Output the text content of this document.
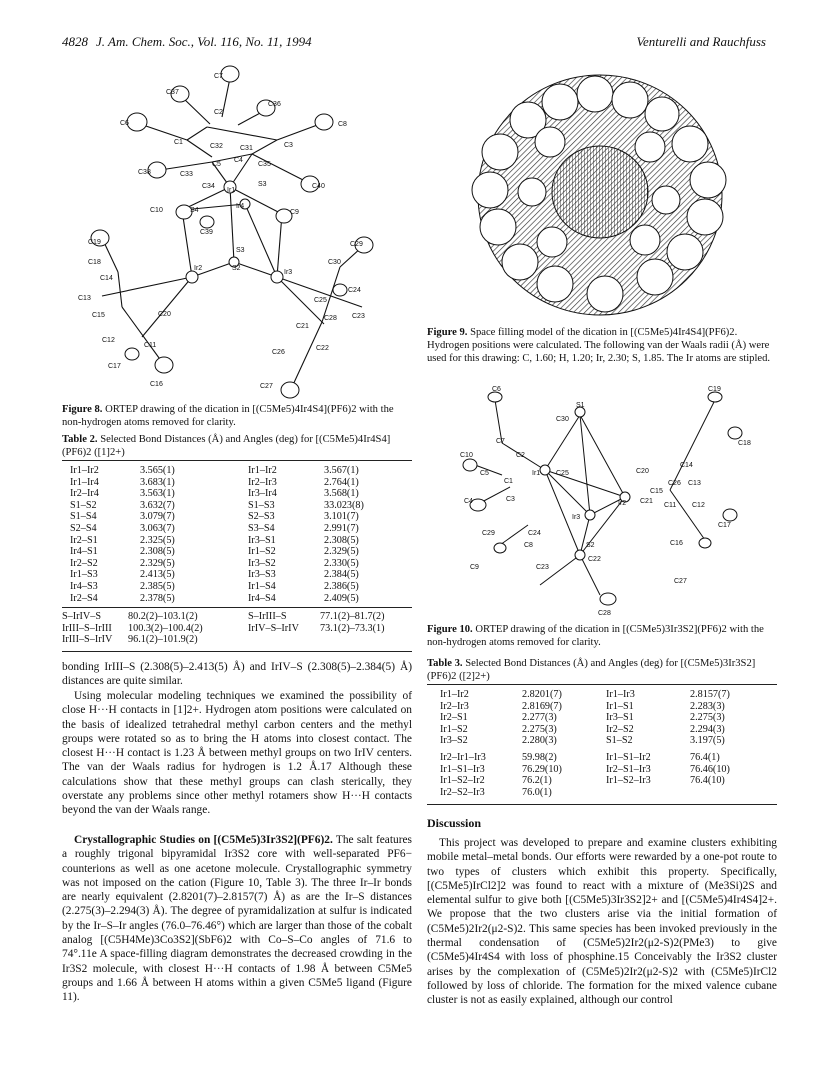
4828 J. Am. Chem. Soc., Vol. 116, No. 11, 1994	Venturelli and Rauchfuss
C7
C37
C36
C6
C2
C8
C1
C32 C31	C3
C4
C38
C5	C35
C33
C34
Ir1
S3	C40
C10	S4
Ir4
C9
C39
S3
C29
C19
C18
Ir2	S2
Ir3
C30
C14
C24
C13	C25
C15	C20
C28 C23
C12
C11
C21
C22
C26
C17
C16	C27
Figure 8. ORTEP drawing of the dication in [(C5Me5)4Ir4S4](PF6)2 with the non-hydrogen atoms removed for clarity.
Table 2. Selected Bond Distances (Å) and Angles (deg) for [(C5Me5)4Ir4S4](PF6)2 ([1]2+)
Ir1–Ir2	3.565(1)	Ir1–Ir2	3.567(1)
Ir1–Ir4	3.683(1)	Ir2–Ir3	2.764(1)
Ir2–Ir4	3.563(1)	Ir3–Ir4	3.568(1)
S1–S2	3.632(7)	S1–S3	33.023(8)
S1–S4	3.079(7)	S2–S3	3.101(7)
S2–S4	3.063(7)	S3–S4	2.991(7)
Ir2–S1	2.325(5)	Ir3–S1	2.308(5)
Ir4–S1	2.308(5)	Ir1–S2	2.329(5)
Ir2–S2	2.329(5)	Ir3–S2	2.330(5)
Ir1–S3	2.413(5)	Ir3–S3	2.384(5)
Ir4–S3	2.385(5)	Ir1–S4	2.386(5)
Ir2–S4	2.378(5)	Ir4–S4	2.409(5)
S–IrIV–S	80.2(2)–103.1(2)	S–IrIII–S	77.1(2)–81.7(2)
IrIII–S–IrIII	100.3(2)–100.4(2)	IrIV–S–IrIV	73.1(2)–73.3(1)
IrIII–S–IrIV	96.1(2)–101.9(2)		
bonding IrIII–S (2.308(5)–2.413(5) Å) and IrIV–S (2.308(5)–2.384(5) Å) distances are quite similar.
Using molecular modeling techniques we examined the possibility of close H···H contacts in [1]2+. Hydrogen atom positions were calculated on the basis of idealized tetrahedral methyl carbon centers and the methyl groups were rotated so as to bring the H atoms into closest contact. The closest H···H contact is 1.23 Å between methyl groups on two IrIV centers. The van der Waals radius for hydrogen is 1.2 Å.17 Although these calculations show that these methyl groups can clash sterically, they overstate any problems since other methyl rotamers show H···H contacts beyond the van der Waals range.
Crystallographic Studies on [(C5Me5)3Ir3S2](PF6)2. The salt features a roughly trigonal bipyramidal Ir3S2 core with well-separated PF6− counterions as well as one acetone molecule. Crystallographic symmetry was not imposed on the cation (Figure 10, Table 3). The three Ir–Ir bonds are nearly equivalent (2.8201(7)–2.8157(7) Å) as are the Ir–S distances (2.275(3)–2.294(3) Å). The degree of pyramidalization at sulfur is indicated by the Ir–S–Ir angles (76.0–76.46°) which are larger than those of the cobalt analog [(C5H4Me)3Co3S2](SbF6)2 with Co–S–Co angles of 71.6 to 74°.11e A space-filling diagram demonstrates the decreased crowding in the Ir3S2 molecule, with closest H···H contacts of 1.98 Å between C5Me5 groups and 1.66 Å between H atoms within a given C5Me5 ligand (Figure 11).
Figure 9. Space filling model of the dication in [(C5Me5)4Ir4S4](PF6)2. Hydrogen positions were calculated. The following van der Waals radii (Å) were used for this drawing: C, 1.60; H, 1.20; Ir, 2.30; S, 1.85. The Ir atoms are stipled.
C6	C19
C30
S1
C10
C7
C2
C20
C14
C18
C5	Ir1 C25
C13
Ir2
C26
C4
C1
C3
C15
C21
C11 C12
Ir3
C17
C29	C24
C8	S2
C22
C16
C9	C23
C27
C28
Figure 10. ORTEP drawing of the dication in [(C5Me5)3Ir3S2](PF6)2 with the non-hydrogen atoms removed for clarity.
Table 3. Selected Bond Distances (Å) and Angles (deg) for [(C5Me5)3Ir3S2](PF6)2 ([2]2+)
Ir1–Ir2	2.8201(7)	Ir1–Ir3	2.8157(7)
Ir2–Ir3	2.8169(7)	Ir1–S1	2.283(3)
Ir2–S1	2.277(3)	Ir3–S1	2.275(3)
Ir1–S2	2.275(3)	Ir2–S2	2.294(3)
Ir3–S2	2.280(3)	S1–S2	3.197(5)
Ir2–Ir1–Ir3	59.98(2)	Ir1–S1–Ir2	76.4(1)
Ir1–S1–Ir3	76.29(10)	Ir2–S1–Ir3	76.46(10)
Ir1–S2–Ir2	76.2(1)	Ir1–S2–Ir3	76.4(10)
Ir2–S2–Ir3	76.0(1)		
Discussion
This project was developed to prepare and examine clusters exhibiting mobile metal–metal bonds. Our efforts were rewarded by a one-pot route to two types of clusters which exhibit this property. Specifically, [(C5Me5)IrCl2]2 was found to react with a mixture of (Me3Si)2S and elemental sulfur to give both [(C5Me5)3Ir3S2]2+ and [(C5Me5)4Ir4S4]2+. We propose that the two clusters arise via the initial formation of (C5Me5)2Ir2(μ2-S)2. This same species has been invoked previously in the thermal condensation of (C5Me5)2Ir2(μ2-S)2(PMe3) to give (C5Me5)4Ir4S4 with loss of phosphine.15 Conceivably the Ir3S2 cluster arises by the complexation of (C5Me5)2Ir2(μ2-S)2 with (C5Me5)IrCl2 followed by loss of chloride. The formation for the mixed valence cubane cluster is not as easily explained, although our control
